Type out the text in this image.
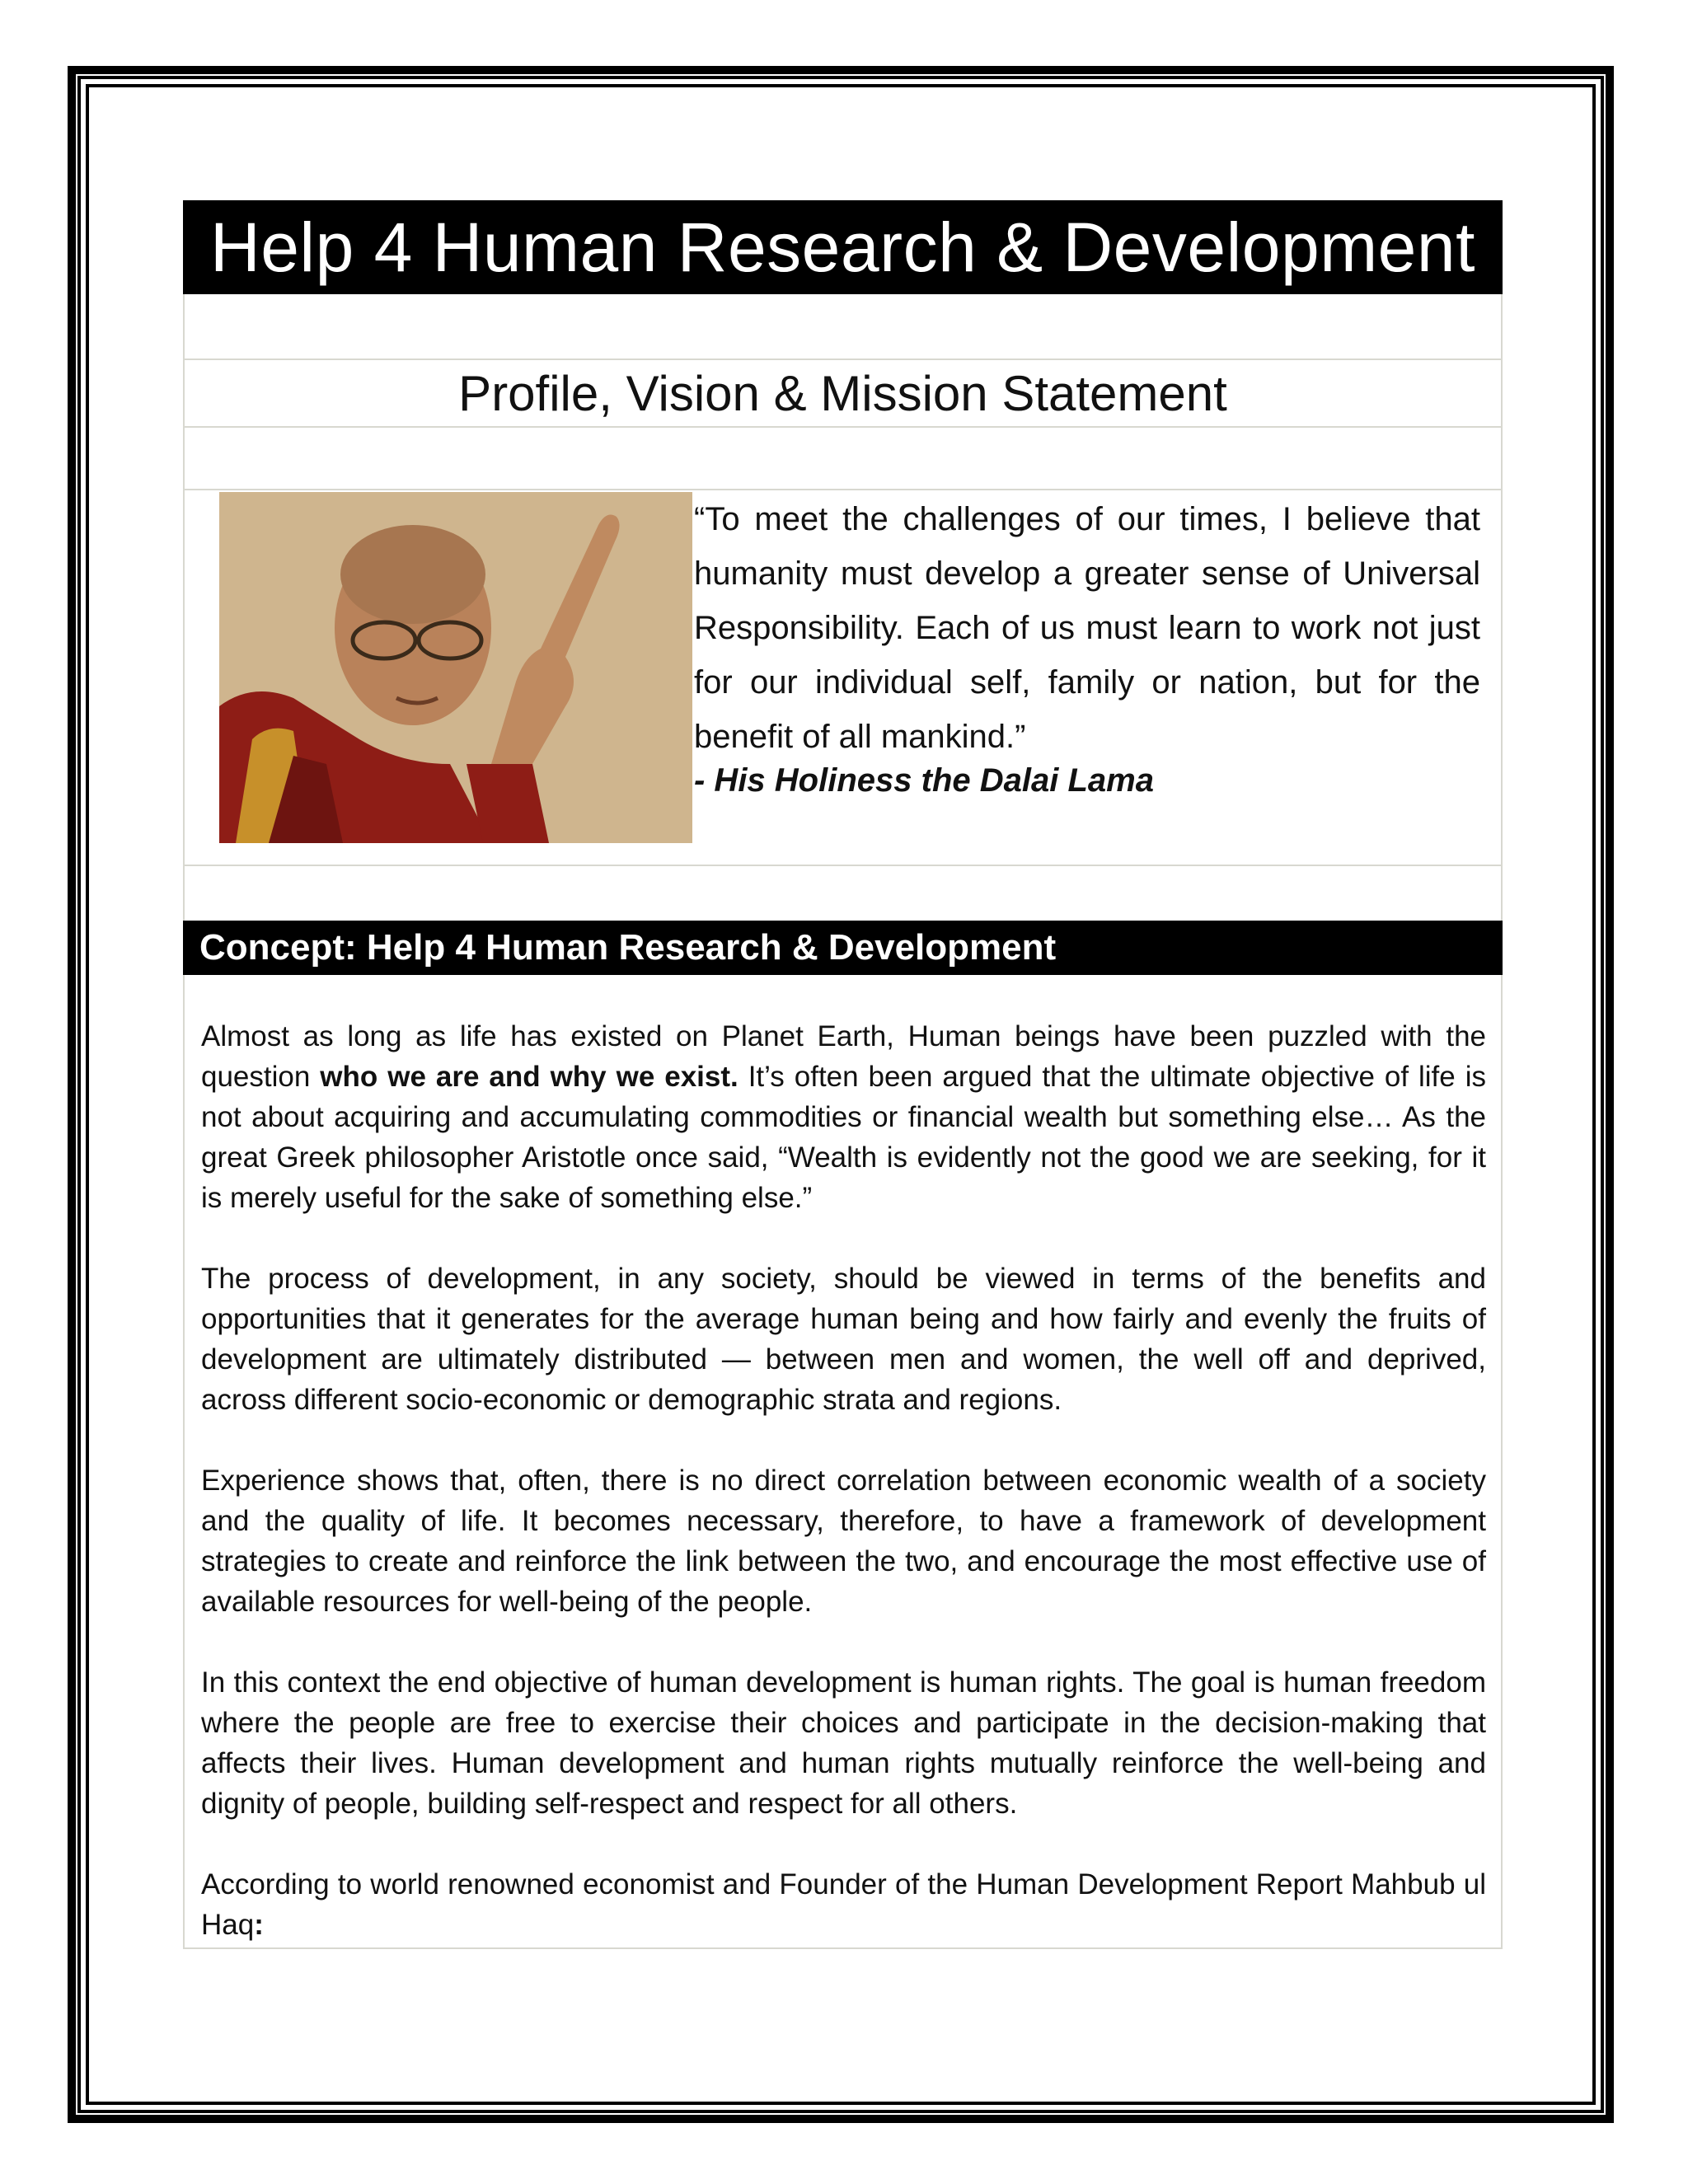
Help 4 Human Research & Development
Profile, Vision & Mission Statement
“To meet the challenges of our times, I believe that humanity must develop a greater sense of Universal Responsibility. Each of us must learn to work not just for our individual self, family or nation, but for the benefit of all mankind.”
- His Holiness the Dalai Lama
Concept: Help 4 Human Research & Development

Almost as long as life has existed on Planet Earth, Human beings have been puzzled with the question who we are and why we exist. It’s often been argued that the ultimate objective of life is not about acquiring and accumulating commodities or financial wealth but something else… As the great Greek philosopher Aristotle once said, “Wealth is evidently not the good we are seeking, for it is merely useful for the sake of something else.”

The process of development, in any society, should be viewed in terms of the benefits and opportunities that it generates for the average human being and how fairly and evenly the fruits of development are ultimately distributed — between men and women, the well off and deprived, across different socio-economic or demographic strata and regions.

Experience shows that, often, there is no direct correlation between economic wealth of a society and the quality of life. It becomes necessary, therefore, to have a framework of development strategies to create and reinforce the link between the two, and encourage the most effective use of available resources for well-being of the people.

In this context the end objective of human development is human rights. The goal is human freedom where the people are free to exercise their choices and participate in the decision-making that affects their lives. Human development and human rights mutually reinforce the well-being and dignity of people, building self-respect and respect for all others.

According to world renowned economist and Founder of the Human Development Report Mahbub ul Haq:
